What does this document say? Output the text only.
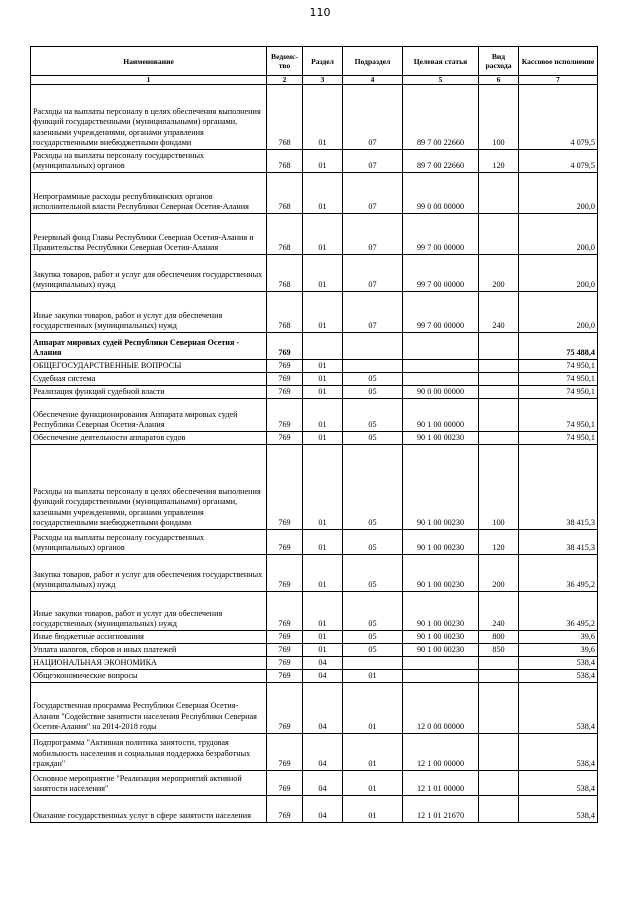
110
Наименование	Ведомс-тво	Раздел	Подраздел	Целевая статья	Вид расхода	Кассовое исполнение
1	2	3	4	5	6	7
Расходы на выплаты персоналу в целях обеспечения выполнения функций государственными (муниципальными) органами, казенными учреждениями, органами управления государственными внебюджетными фондами	768	01	07	89 7 00 22660	100	4 079,5
Расходы на выплаты персоналу государственных (муниципальных) органов	768	01	07	89 7 00 22660	120	4 079,5
Непрограммные расходы республиканских органов исполнительной власти Республики Северная Осетия-Алания	768	01	07	99 0 00 00000		200,0
Резервный фонд Главы Республики Северная Осетия-Алания и Правительства Республики Северная Осетия-Алания	768	01	07	99 7 00 00000		200,0
Закупка товаров, работ и услуг для обеспечения государственных (муниципальных) нужд	768	01	07	99 7 00 00000	200	200,0
Иные закупки товаров, работ и услуг для обеспечения государственных (муниципальных) нужд	768	01	07	99 7 00 00000	240	200,0
Аппарат мировых судей Республики Северная Осетия - Алания	769					75 488,4
ОБЩЕГОСУДАРСТВЕННЫЕ ВОПРОСЫ	769	01				74 950,1
Судебная система	769	01	05			74 950,1
Реализация функций судебной власти	769	01	05	90 0 00 00000		74 950,1
Обеспечение функционирования Аппарата мировых судей Республики Северная Осетия-Алания	769	01	05	90 1 00 00000		74 950,1
Обеспечение деятельности аппаратов судов	769	01	05	90 1 00 00230		74 950,1
Расходы на выплаты персоналу в целях обеспечения выполнения функций государственными (муниципальными) органами, казенными учреждениями, органами управления государственными внебюджетными фондами	769	01	05	90 1 00 00230	100	38 415,3
Расходы на выплаты персоналу государственных (муниципальных) органов	769	01	05	90 1 00 00230	120	38 415,3
Закупка товаров, работ и услуг для обеспечения государственных (муниципальных) нужд	769	01	05	90 1 00 00230	200	36 495,2
Иные закупки товаров, работ и услуг для обеспечения государственных (муниципальных) нужд	769	01	05	90 1 00 00230	240	36 495,2
Иные бюджетные ассигнования	769	01	05	90 1 00 00230	800	39,6
Уплата налогов, сборов и иных платежей	769	01	05	90 1 00 00230	850	39,6
НАЦИОНАЛЬНАЯ ЭКОНОМИКА	769	04				538,4
Общеэкономические вопросы	769	04	01			538,4
Государственная программа Республики Северная Осетия-Алания "Содействие занятости населения Республики Северная Осетия-Алания" на 2014-2018 годы	769	04	01	12 0 00 00000		538,4
Подпрограмма "Активная политика занятости, трудовая мобильность населения и социальная поддержка безработных граждан"	769	04	01	12 1 00 00000		538,4
Основное мероприятие "Реализация мероприятий активной занятости населения"	769	04	01	12 1 01 00000		538,4
Оказание государственных услуг в сфере занятости населения	769	04	01	12 1 01 21670		538,4
